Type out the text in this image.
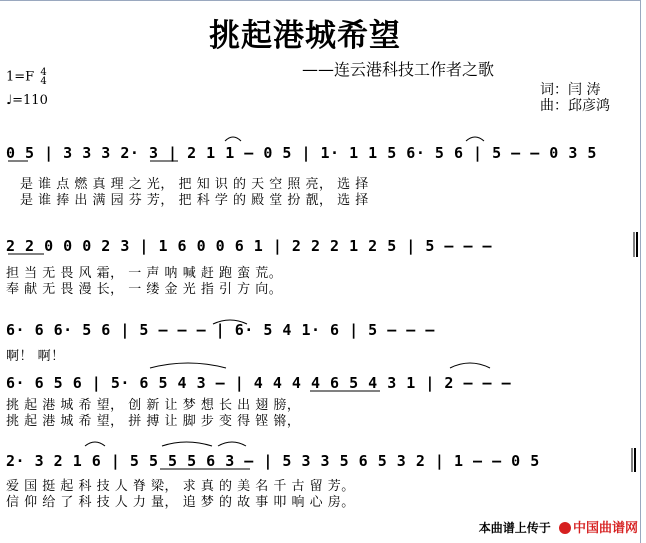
挑起港城希望
——连云港科技工作者之歌
1=F 4
4
♩=110
词：闫 涛
曲：邱彦鸿
0 5 | 3 3 3 2· 3 | 2 1 1 – 0 5 | 1· 1 1 5 6· 5 6 | 5 – – 0 3 5
是 谁 点 燃 真 理 之 光， 把 知 识 的 天 空 照 亮， 选 择
是 谁 捧 出 满 园 芬 芳， 把 科 学 的 殿 堂 扮 靓， 选 择
2 2 0 0 0 2 3 | 1 6 0 0 6 1 | 2 2 2 1 2 5 | 5 – – –
担 当 无 畏 风 霜， 一 声 呐 喊 赶 跑 蛮 荒。
奉 献 无 畏 漫 长， 一 缕 金 光 指 引 方 向。
6· 6 6· 5 6 | 5 – – – | 6· 5 4 1· 6 | 5 – – –
啊！ 啊！
6· 6 5 6 | 5· 6 5 4 3 – | 4 4 4 4 6 5 4 3 1 | 2 – – –
挑 起 港 城 希 望， 创 新 让 梦 想 长 出 翅 膀，
挑 起 港 城 希 望， 拼 搏 让 脚 步 变 得 铿 锵，
2· 3 2 1 6 | 5 5 5 5 6 3 – | 5 3 3 5 6 5 3 2 | 1 – – 0 5
爱 国 挺 起 科 技 人 脊 梁， 求 真 的 美 名 千 古 留 芳。
信 仰 给 了 科 技 人 力 量， 追 梦 的 故 事 叩 响 心 房。
本曲谱上传于 中国曲谱网
